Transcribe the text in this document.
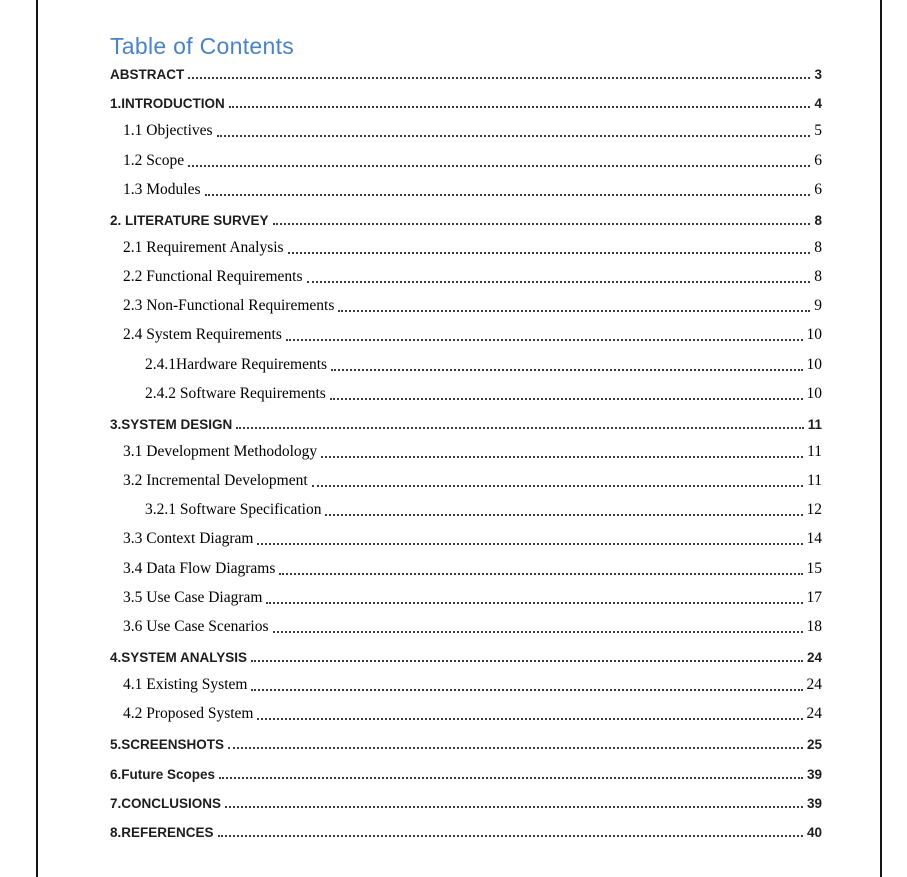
Table of Contents
ABSTRACT	3
1.INTRODUCTION	4
1.1 Objectives	5
1.2 Scope	6
1.3 Modules	6
2. LITERATURE SURVEY	8
2.1 Requirement Analysis	8
2.2 Functional Requirements	8
2.3 Non-Functional Requirements	9
2.4 System Requirements	10
2.4.1Hardware Requirements	10
2.4.2 Software Requirements	10
3.SYSTEM DESIGN	11
3.1 Development Methodology	11
3.2 Incremental Development	11
3.2.1 Software Specification	12
3.3 Context Diagram	14
3.4 Data Flow Diagrams	15
3.5 Use Case Diagram	17
3.6 Use Case Scenarios	18
4.SYSTEM ANALYSIS	24
4.1 Existing System	24
4.2 Proposed System	24
5.SCREENSHOTS	25
6.Future Scopes	39
7.CONCLUSIONS	39
8.REFERENCES	40
